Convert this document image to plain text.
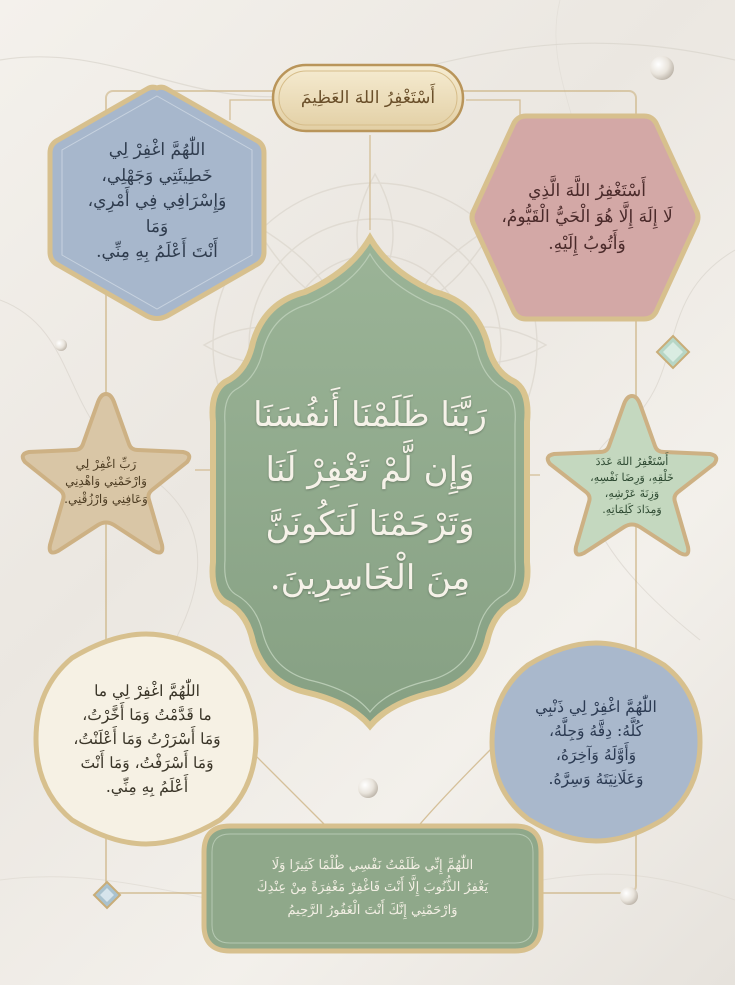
أَسْتَغْفِرُ اللهَ العَظِيمَ
اللّٰهُمَّ اغْفِرْ لِي
خَطِيئَتِي وَجَهْلِي،
وَإِسْرَافِي فِي أَمْرِي، وَمَا
أَنْتَ أَعْلَمُ بِهِ مِنِّي.
أَسْتَغْفِرُ اللَّهَ الَّذِي
لَا إِلَهَ إِلَّا هُوَ الْحَيُّ الْقَيُّومُ،
وَأَتُوبُ إِلَيْهِ.
رَبَّنَا ظَلَمْنَا أَنفُسَنَا
وَإِن لَّمْ تَغْفِرْ لَنَا
وَتَرْحَمْنَا لَنَكُونَنَّ
مِنَ الْخَاسِرِينَ.
رَبِّ اغْفِرْ لِي
وَارْحَمْنِي وَاهْدِنِي
وَعَافِنِي وَارْزُقْنِي.
أَسْتَغْفِرُ اللهَ عَدَدَ
خَلْقِهِ، وَرِضَا نَفْسِهِ،
وَزِنَةَ عَرْشِهِ،
وَمِدَادَ كَلِمَاتِهِ.
اللّٰهُمَّ اغْفِرْ لِي ما
ما قَدَّمْتُ وَمَا أَخَّرْتُ،
وَمَا أَسْرَرْتُ وَمَا أَعْلَنْتُ،
وَمَا أَسْرَفْتُ، وَمَا أَنْتَ
أَعْلَمُ بِهِ مِنِّي.
اللّٰهُمَّ اغْفِرْ لِي ذَنْبِي
كُلَّهُ: دِقَّهُ وَجِلَّهُ،
وَأَوَّلَهُ وَآخِرَهُ،
وَعَلَانِيَتَهُ وَسِرَّهُ.
اللّٰهُمَّ إِنِّي ظَلَمْتُ نَفْسِي ظُلْمًا كَثِيرًا وَلَا
يَغْفِرُ الذُّنُوبَ إِلَّا أَنْتَ فَاغْفِرْ مَغْفِرَةً مِنْ عِنْدِكَ
وَارْحَمْنِي إِنَّكَ أَنْتَ الْغَفُورُ الرَّحِيمُ
